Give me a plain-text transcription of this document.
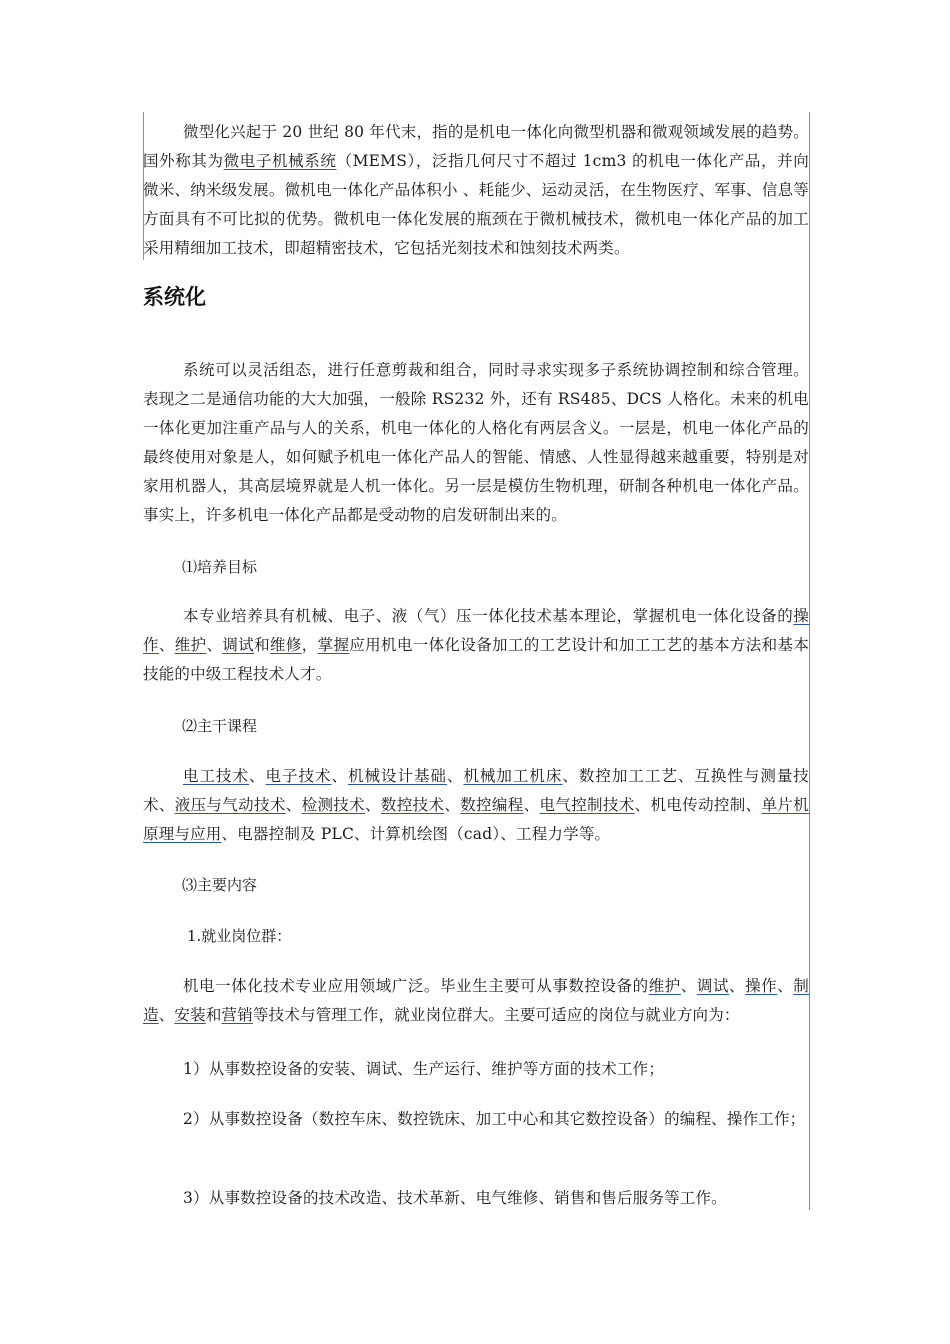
微型化兴起于 20 世纪 80 年代末，指的是机电一体化向微型机器和微观领域发展的趋势。国外称其为微电子机械系统（MEMS），泛指几何尺寸不超过 1cm3 的机电一体化产品，并向微米、纳米级发展。微机电一体化产品体积小 、耗能少、运动灵活，在生物医疗、军事、信息等方面具有不可比拟的优势。微机电一体化发展的瓶颈在于微机械技术，微机电一体化产品的加工采用精细加工技术，即超精密技术，它包括光刻技术和蚀刻技术两类。

系统化

系统可以灵活组态，进行任意剪裁和组合，同时寻求实现多子系统协调控制和综合管理。表现之二是通信功能的大大加强，一般除 RS232 外，还有 RS485、DCS 人格化。未来的机电一体化更加注重产品与人的关系，机电一体化的人格化有两层含义。一层是，机电一体化产品的最终使用对象是人，如何赋予机电一体化产品人的智能、情感、人性显得越来越重要，特别是对家用机器人，其高层境界就是人机一体化。另一层是模仿生物机理，研制各种机电一体化产品。事实上，许多机电一体化产品都是受动物的启发研制出来的。

⑴培养目标

本专业培养具有机械、电子、液（气）压一体化技术基本理论，掌握机电一体化设备的操作、维护、调试和维修，掌握应用机电一体化设备加工的工艺设计和加工工艺的基本方法和基本技能的中级工程技术人才。

⑵主干课程

电工技术、电子技术、机械设计基础、机械加工机床、数控加工工艺、互换性与测量技术、液压与气动技术、检测技术、数控技术、数控编程、电气控制技术、机电传动控制、单片机原理与应用、电器控制及 PLC、计算机绘图（cad）、工程力学等。

⑶主要内容

1.就业岗位群：

机电一体化技术专业应用领域广泛。毕业生主要可从事数控设备的维护、调试、操作、制造、安装和营销等技术与管理工作，就业岗位群大。主要可适应的岗位与就业方向为：

1）从事数控设备的安装、调试、生产运行、维护等方面的技术工作；

2）从事数控设备（数控车床、数控铣床、加工中心和其它数控设备）的编程、操作工作；

3）从事数控设备的技术改造、技术革新、电气维修、销售和售后服务等工作。
